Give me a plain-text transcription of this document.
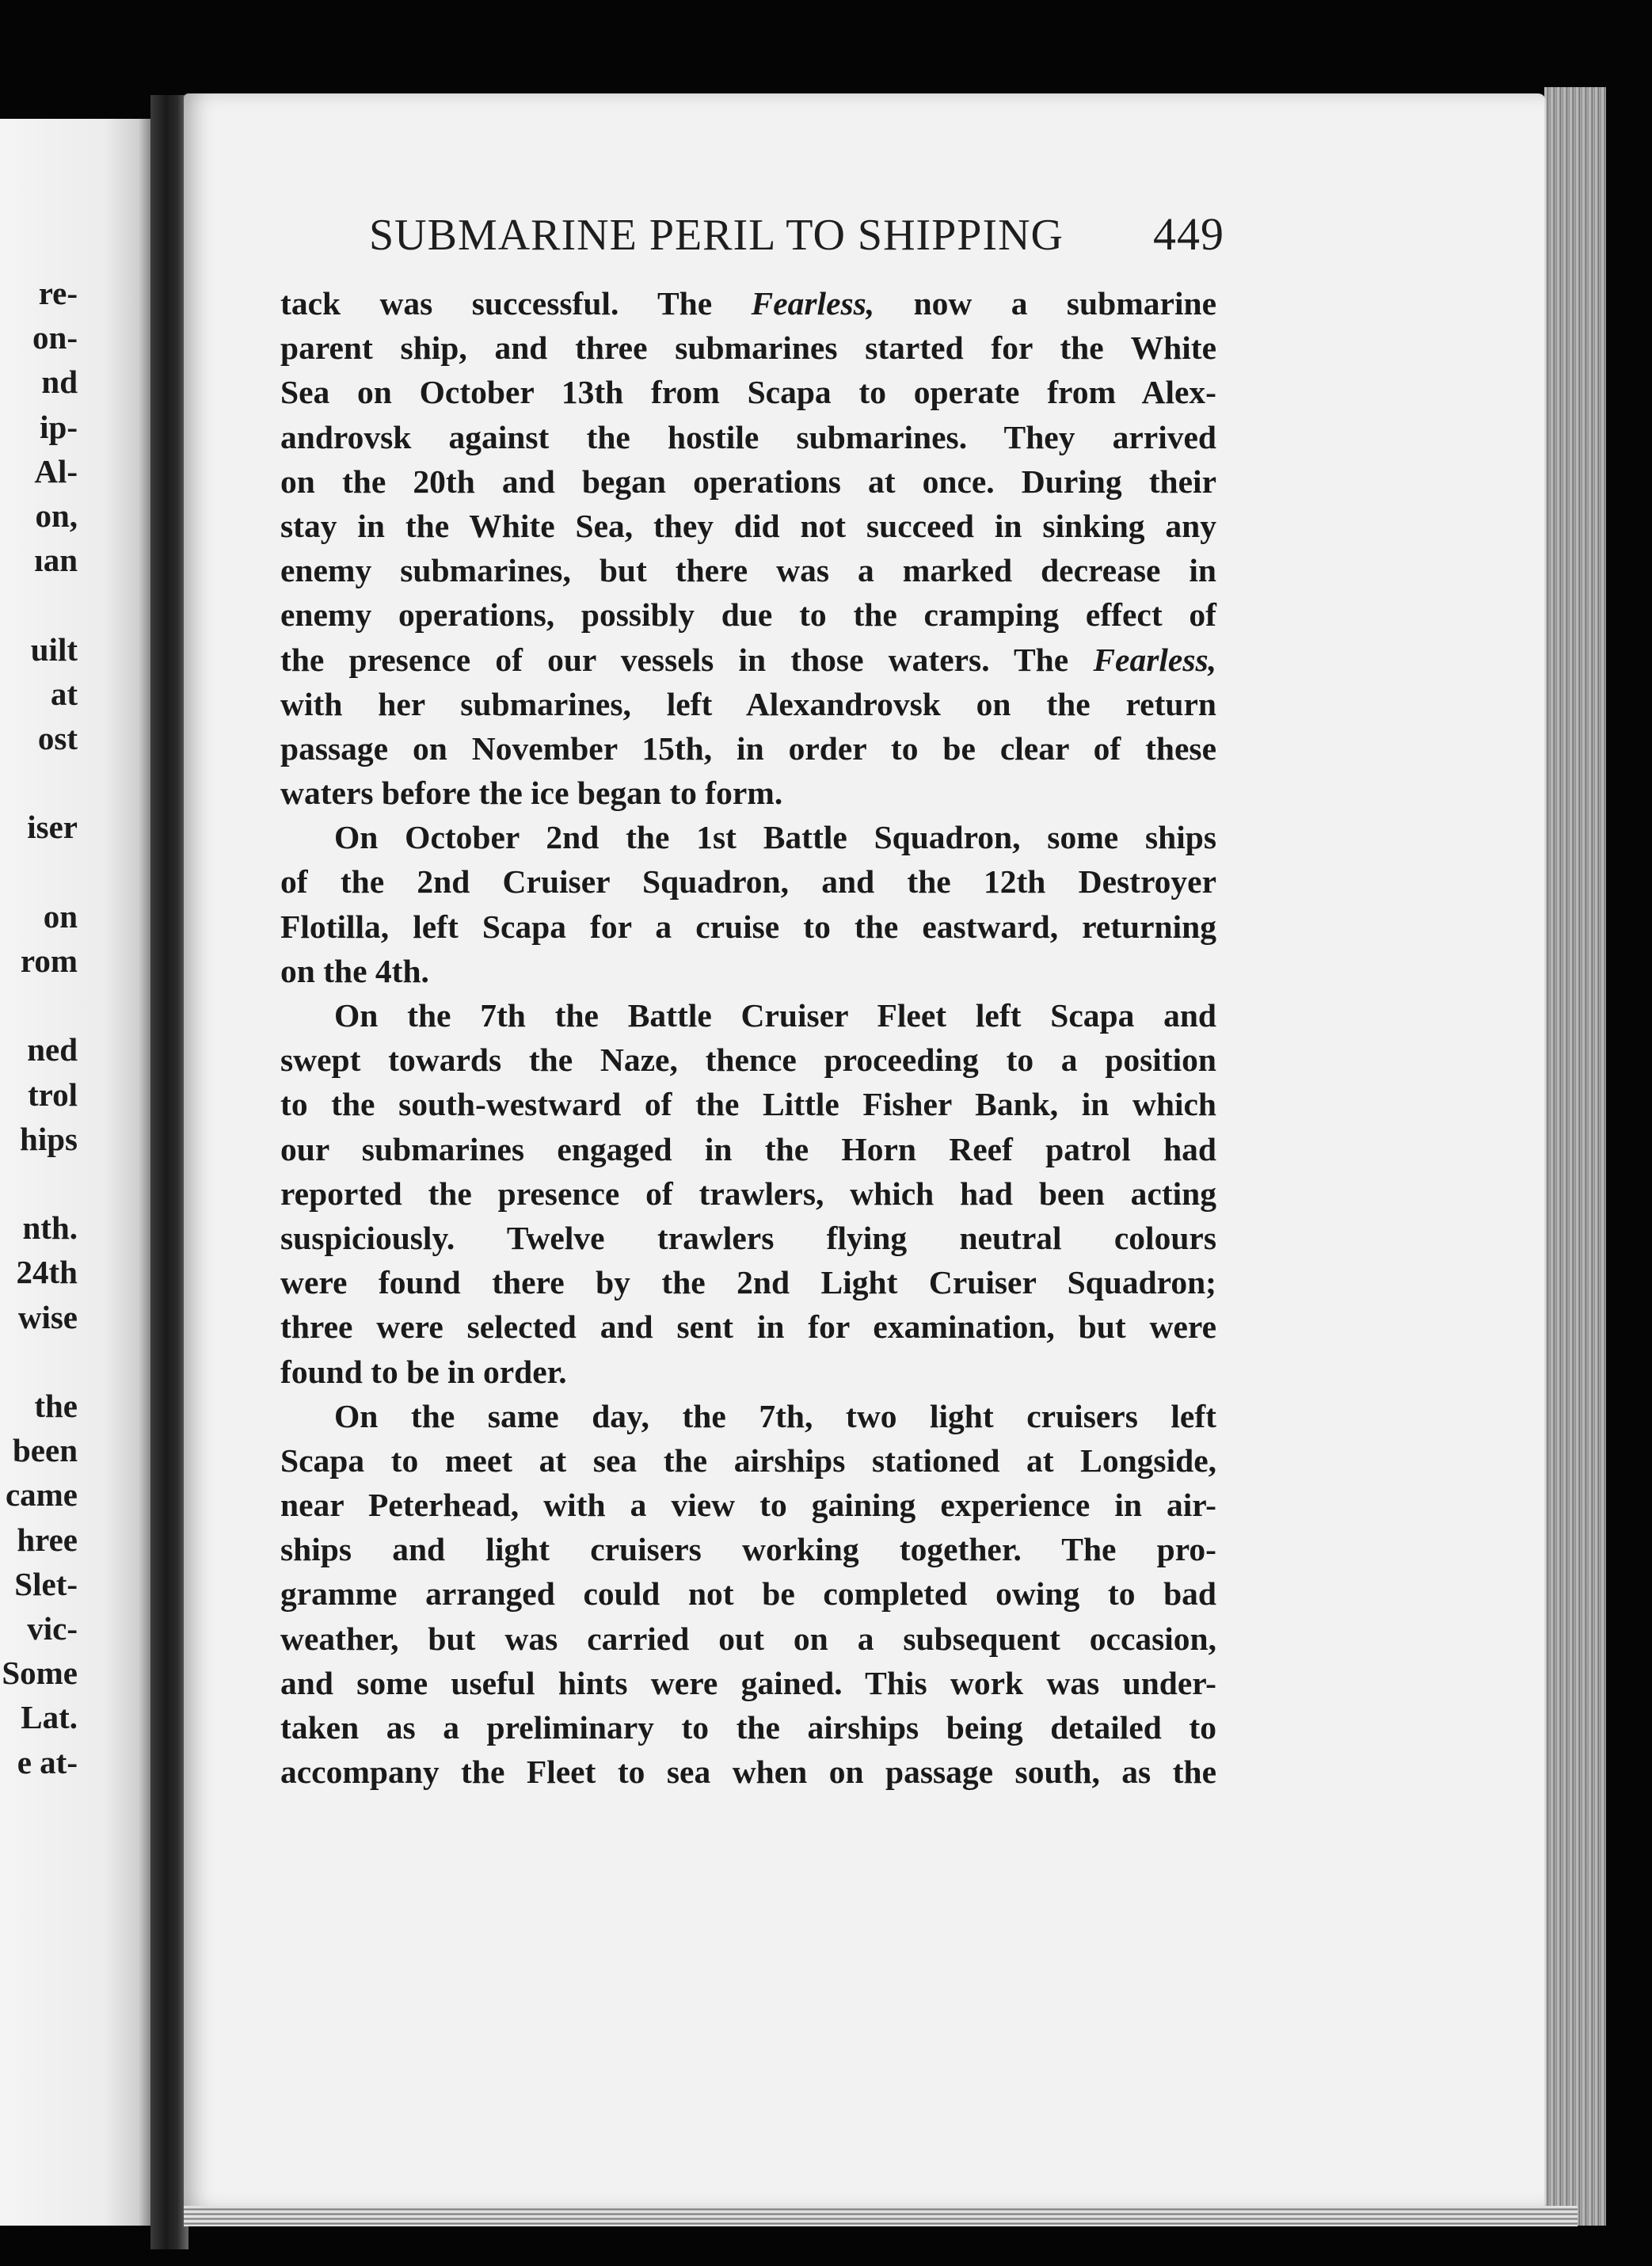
re-
on-
nd
ip-
Al-
on,
ıan
uilt
at
ost
iser
on
rom
ned
trol
hips
nth.
24th
wise
the
been
came
hree
Slet-
vic-
Some
Lat.
e at-
SUBMARINE PERIL TO SHIPPING 449
tack was successful. The Fearless, now a submarine
parent ship, and three submarines started for the White
Sea on October 13th from Scapa to operate from Alex-
androvsk against the hostile submarines. They arrived
on the 20th and began operations at once. During their
stay in the White Sea, they did not succeed in sinking any
enemy submarines, but there was a marked decrease in
enemy operations, possibly due to the cramping effect of
the presence of our vessels in those waters. The Fearless,
with her submarines, left Alexandrovsk on the return
passage on November 15th, in order to be clear of these
waters before the ice began to form.
On October 2nd the 1st Battle Squadron, some ships
of the 2nd Cruiser Squadron, and the 12th Destroyer
Flotilla, left Scapa for a cruise to the eastward, returning
on the 4th.
On the 7th the Battle Cruiser Fleet left Scapa and
swept towards the Naze, thence proceeding to a position
to the south-westward of the Little Fisher Bank, in which
our submarines engaged in the Horn Reef patrol had
reported the presence of trawlers, which had been acting
suspiciously. Twelve trawlers flying neutral colours
were found there by the 2nd Light Cruiser Squadron;
three were selected and sent in for examination, but were
found to be in order.
On the same day, the 7th, two light cruisers left
Scapa to meet at sea the airships stationed at Longside,
near Peterhead, with a view to gaining experience in air-
ships and light cruisers working together. The pro-
gramme arranged could not be completed owing to bad
weather, but was carried out on a subsequent occasion,
and some useful hints were gained. This work was under-
taken as a preliminary to the airships being detailed to
accompany the Fleet to sea when on passage south, as the
